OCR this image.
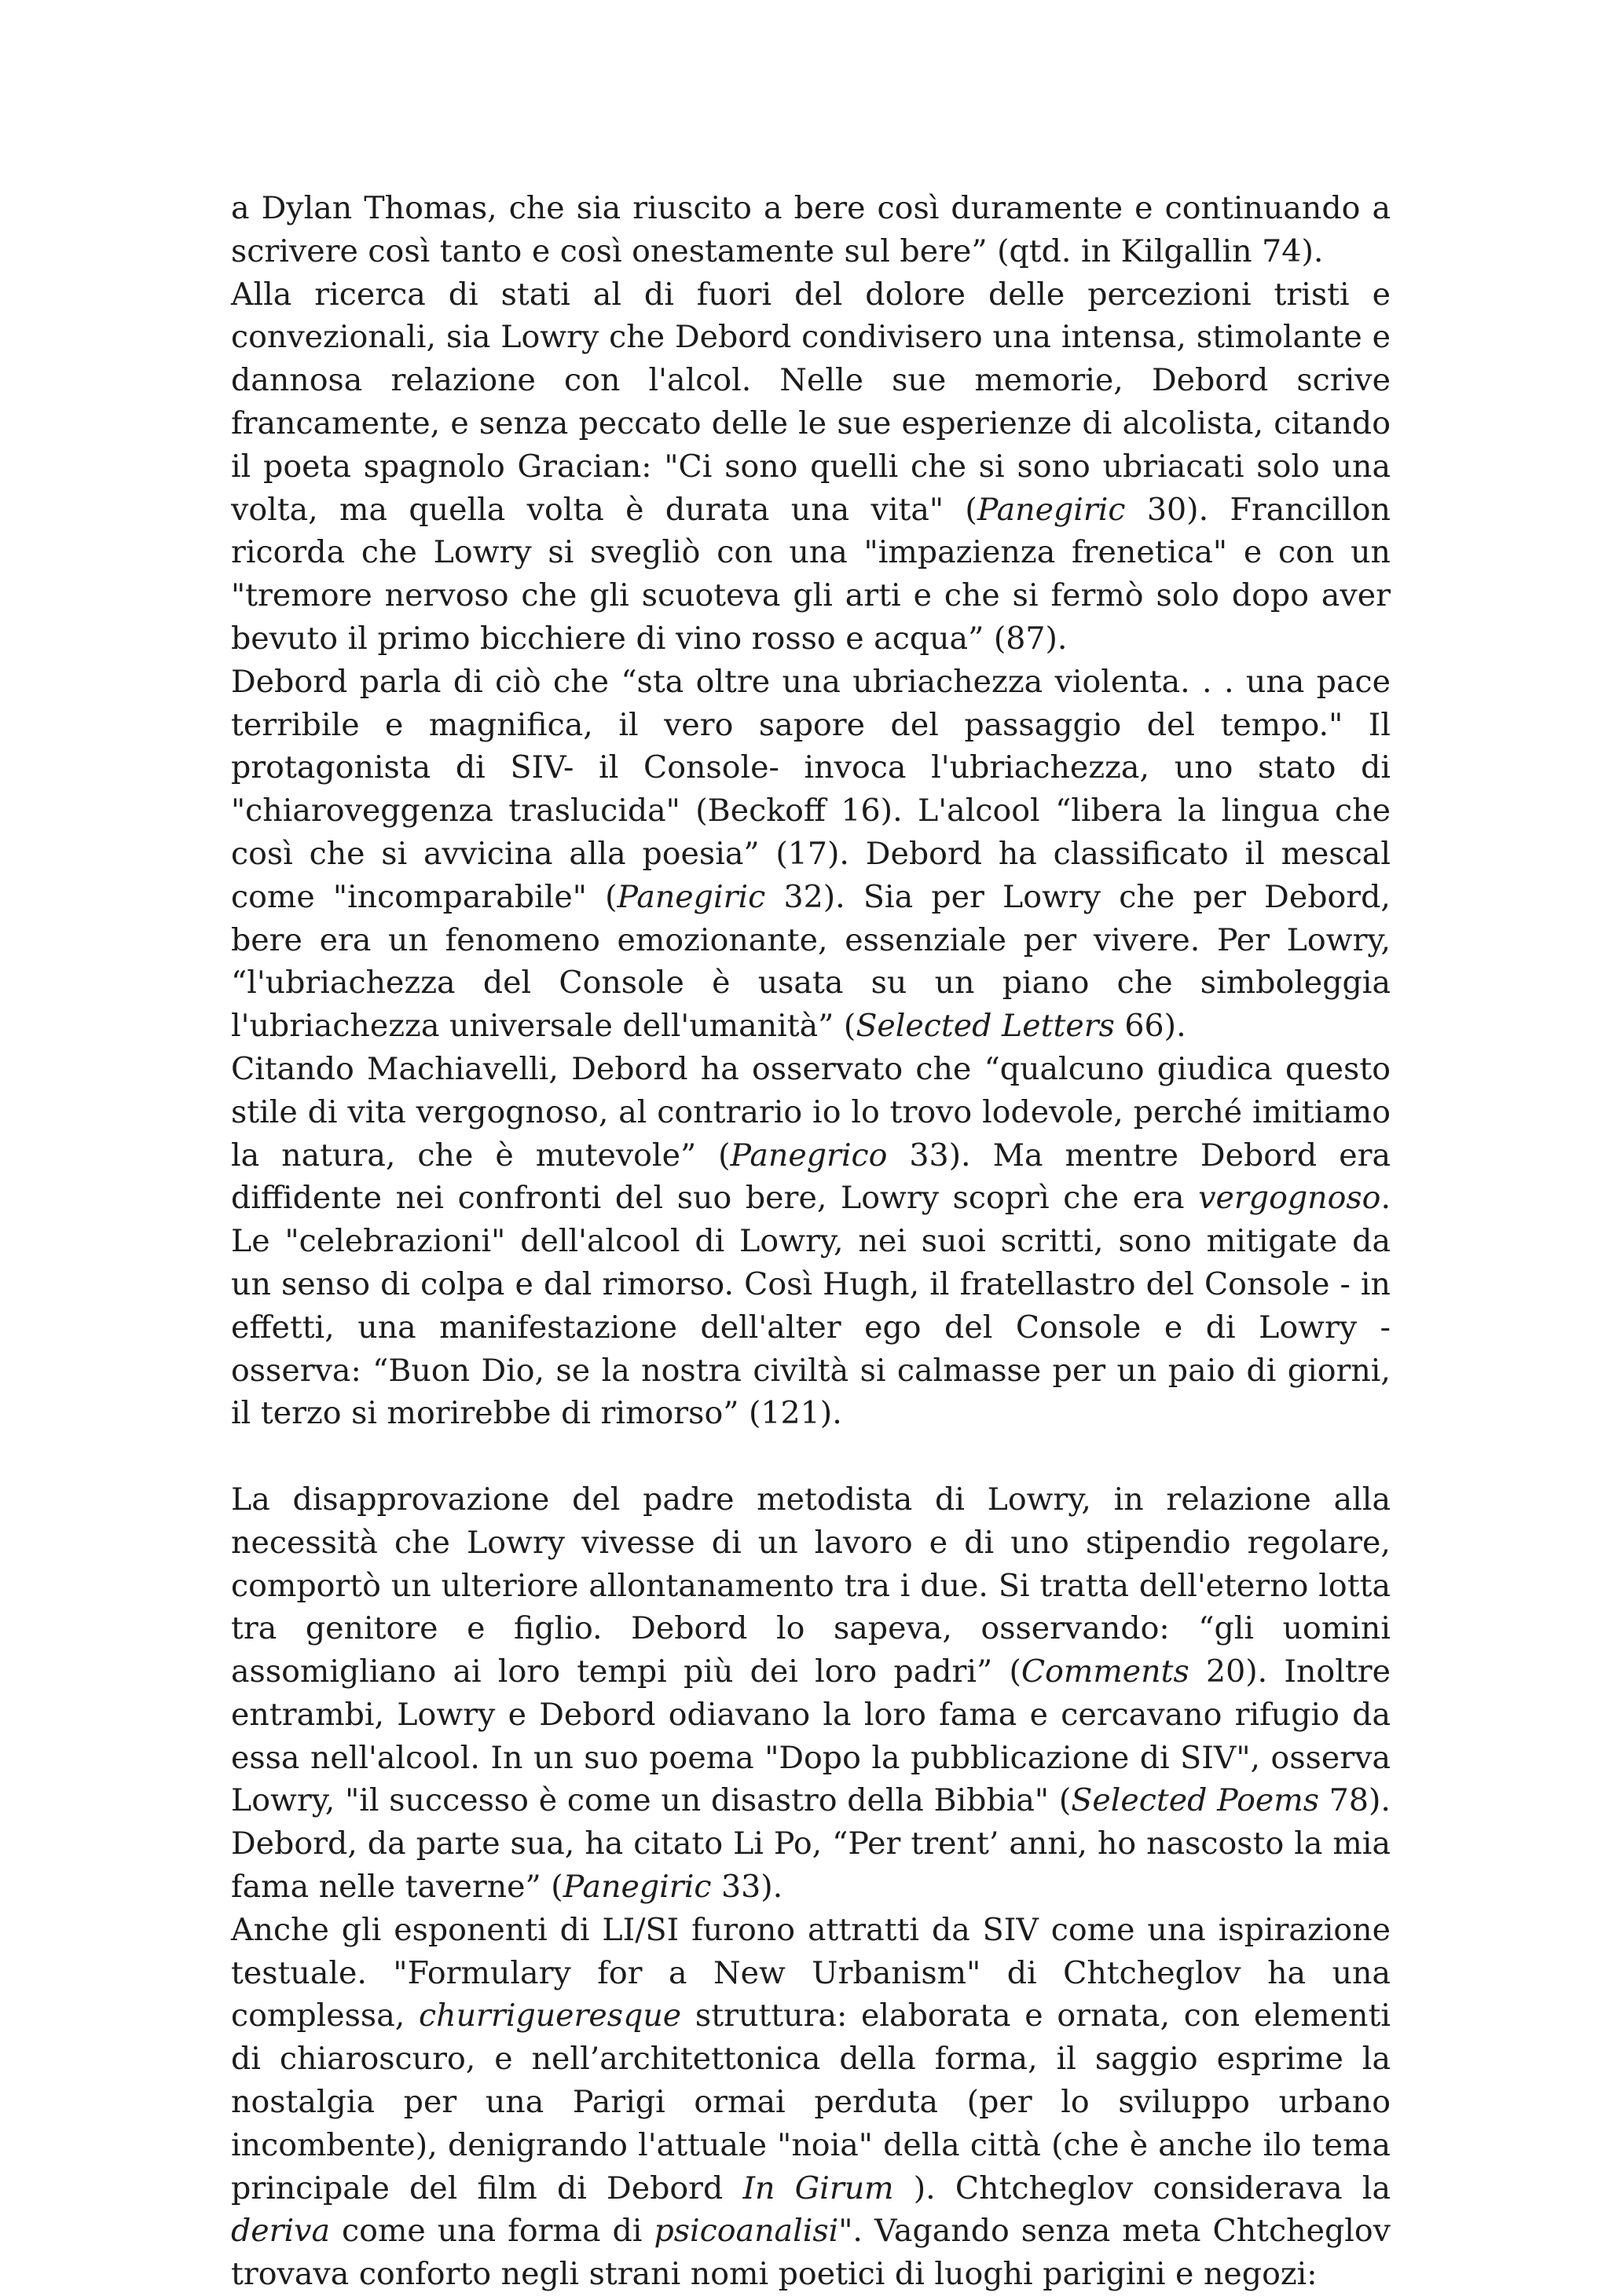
a Dylan Thomas, che sia riuscito a bere così duramente e continuando a scrivere così tanto e così onestamente sul bere” (qtd. in Kilgallin 74).

Alla ricerca di stati al di fuori del dolore delle percezioni tristi e convezionali, sia Lowry che Debord condivisero una intensa, stimolante e dannosa relazione con l'alcol. Nelle sue memorie, Debord scrive francamente, e senza peccato delle le sue esperienze di alcolista, citando il poeta spagnolo Gracian: "Ci sono quelli che si sono ubriacati solo una volta, ma quella volta è durata una vita" (Panegiric 30). Francillon ricorda che Lowry si svegliò con una "impazienza frenetica" e con un "tremore nervoso che gli scuoteva gli arti e che si fermò solo dopo aver bevuto il primo bicchiere di vino rosso e acqua” (87).

Debord parla di ciò che “sta oltre una ubriachezza violenta. . . una pace terribile e magnifica, il vero sapore del passaggio del tempo." Il protagonista di SIV- il Console- invoca l'ubriachezza, uno stato di "chiaroveggenza traslucida" (Beckoff 16). L'alcool “libera la lingua che così che si avvicina alla poesia” (17). Debord ha classificato il mescal come "incomparabile" (Panegiric 32). Sia per Lowry che per Debord, bere era un fenomeno emozionante, essenziale per vivere. Per Lowry, “l'ubriachezza del Console è usata su un piano che simboleggia l'ubriachezza universale dell'umanità” (Selected Letters 66).

Citando Machiavelli, Debord ha osservato che “qualcuno giudica questo stile di vita vergognoso, al contrario io lo trovo lodevole, perché imitiamo la natura, che è mutevole” (Panegrico 33). Ma mentre Debord era diffidente nei confronti del suo bere, Lowry scoprì che era vergognoso. Le "celebrazioni" dell'alcool di Lowry, nei suoi scritti, sono mitigate da un senso di colpa e dal rimorso. Così Hugh, il fratellastro del Console - in effetti, una manifestazione dell'alter ego del Console e di Lowry - osserva: “Buon Dio, se la nostra civiltà si calmasse per un paio di giorni, il terzo si morirebbe di rimorso” (121).

La disapprovazione del padre metodista di Lowry, in relazione alla necessità che Lowry vivesse di un lavoro e di uno stipendio regolare, comportò un ulteriore allontanamento tra i due. Si tratta dell'eterno lotta tra genitore e figlio. Debord lo sapeva, osservando: “gli uomini assomigliano ai loro tempi più dei loro padri” (Comments 20). Inoltre entrambi, Lowry e Debord odiavano la loro fama e cercavano rifugio da essa nell'alcool. In un suo poema "Dopo la pubblicazione di SIV", osserva Lowry, "il successo è come un disastro della Bibbia" (Selected Poems 78). Debord, da parte sua, ha citato Li Po, “Per trent’ anni, ho nascosto la mia fama nelle taverne” (Panegiric 33).

Anche gli esponenti di LI/SI furono attratti da SIV come una ispirazione testuale. "Formulary for a New Urbanism" di Chtcheglov ha una complessa, churrigueresque struttura: elaborata e ornata, con elementi di chiaroscuro, e nell’architettonica della forma, il saggio esprime la nostalgia per una Parigi ormai perduta (per lo sviluppo urbano incombente), denigrando l'attuale "noia" della città (che è anche ilo tema principale del film di Debord In Girum ). Chtcheglov considerava la deriva come una forma di psicoanalisi". Vagando senza meta Chtcheglov trovava conforto negli strani nomi poetici di luoghi parigini e negozi:
